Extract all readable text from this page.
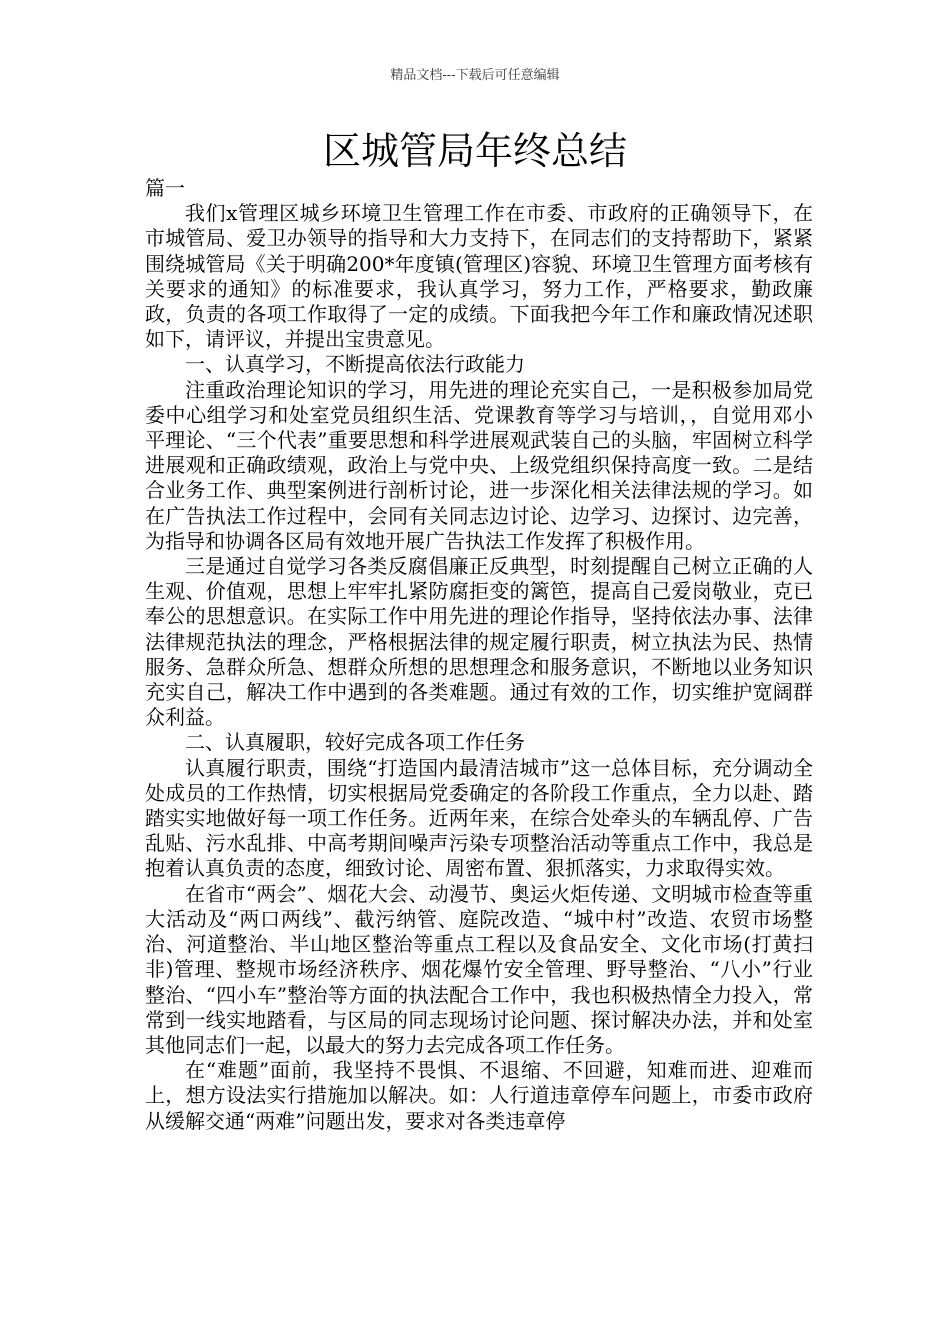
精品文档---下载后可任意编辑
区城管局年终总结

篇一

我们x管理区城乡环境卫生管理工作在市委、市政府的正确领导下，在市城管局、爱卫办领导的指导和大力支持下，在同志们的支持帮助下，紧紧围绕城管局《关于明确200*年度镇(管理区)容貌、环境卫生管理方面考核有关要求的通知》的标准要求，我认真学习，努力工作，严格要求，勤政廉政，负责的各项工作取得了一定的成绩。下面我把今年工作和廉政情况述职如下，请评议，并提出宝贵意见。

一、认真学习，不断提高依法行政能力

注重政治理论知识的学习，用先进的理论充实自己，一是积极参加局党委中心组学习和处室党员组织生活、党课教育等学习与培训，，自觉用邓小平理论、“三个代表”重要思想和科学进展观武装自己的头脑，牢固树立科学进展观和正确政绩观，政治上与党中央、上级党组织保持高度一致。二是结合业务工作、典型案例进行剖析讨论，进一步深化相关法律法规的学习。如在广告执法工作过程中，会同有关同志边讨论、边学习、边探讨、边完善，为指导和协调各区局有效地开展广告执法工作发挥了积极作用。

三是通过自觉学习各类反腐倡廉正反典型，时刻提醒自己树立正确的人生观、价值观，思想上牢牢扎紧防腐拒变的篱笆，提高自己爱岗敬业，克已奉公的思想意识。在实际工作中用先进的理论作指导，坚持依法办事、法律法律规范执法的理念，严格根据法律的规定履行职责，树立执法为民、热情服务、急群众所急、想群众所想的思想理念和服务意识，不断地以业务知识充实自己，解决工作中遇到的各类难题。通过有效的工作，切实维护宽阔群众利益。

二、认真履职，较好完成各项工作任务

认真履行职责，围绕“打造国内最清洁城市”这一总体目标，充分调动全处成员的工作热情，切实根据局党委确定的各阶段工作重点，全力以赴、踏踏实实地做好每一项工作任务。近两年来，在综合处牵头的车辆乱停、广告乱贴、污水乱排、中高考期间噪声污染专项整治活动等重点工作中，我总是抱着认真负责的态度，细致讨论、周密布置、狠抓落实，力求取得实效。

在省市“两会”、烟花大会、动漫节、奥运火炬传递、文明城市检查等重大活动及“两口两线”、截污纳管、庭院改造、“城中村”改造、农贸市场整治、河道整治、半山地区整治等重点工程以及食品安全、文化市场(打黄扫非)管理、整规市场经济秩序、烟花爆竹安全管理、野导整治、“八小”行业整治、“四小车”整治等方面的执法配合工作中，我也积极热情全力投入，常常到一线实地踏看，与区局的同志现场讨论问题、探讨解决办法，并和处室其他同志们一起，以最大的努力去完成各项工作任务。

在“难题”面前，我坚持不畏惧、不退缩、不回避，知难而进、迎难而上，想方设法实行措施加以解决。如：人行道违章停车问题上，市委市政府从缓解交通“两难”问题出发，要求对各类违章停
